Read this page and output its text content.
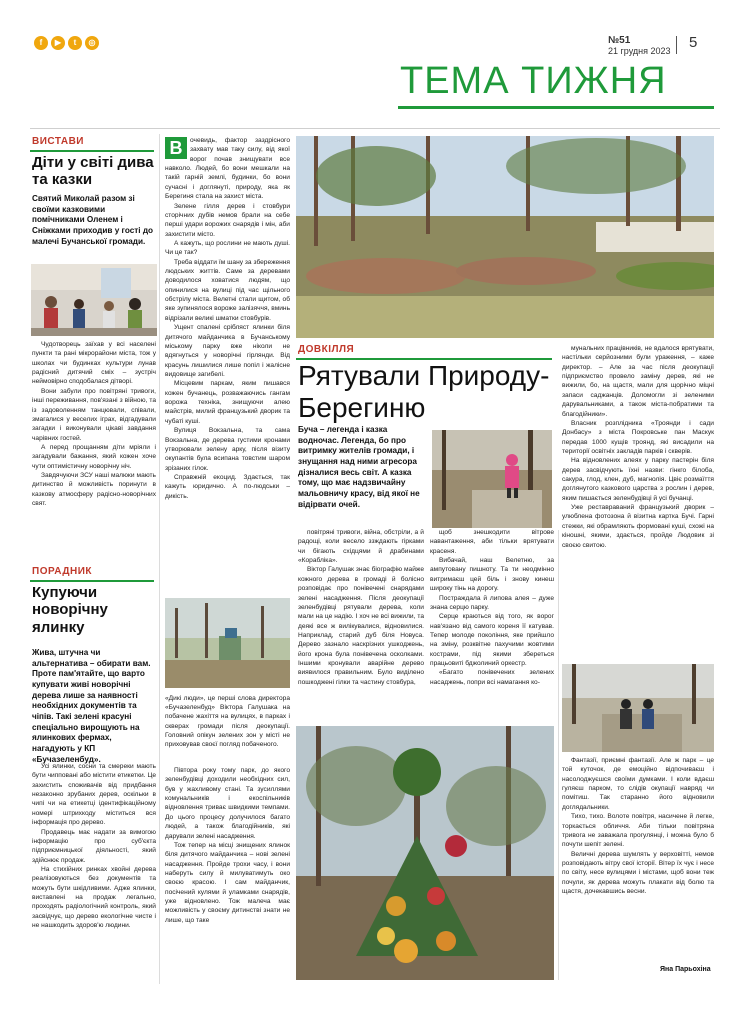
f	▶	t	◎	№51
21 грудня 2023 5
ТЕМА ТИЖНЯ
ВИСТАВИ
Діти у світі дива та казки
Святий Миколай разом зі своїми казковими помічниками Оленем і Сніжками приходив у гості до малечі Бучанської громади.

Чудотворець заїхав у всі населені пункти та рані мікрорайони міста, тож у школах чи будинках культури лунав радісний дитячий сміх – зустріч неймовірно сподобалася дітворі.

Вони забули про повітряні тривоги, інші переживання, пов'язані з війною, та із задоволенням танцювали, співали, змагалися у веселих іграх, відгадували загадки і виконували цікаві завдання чарівних гостей.

А перед прощанням діти мріяли і загадували бажання, який кожен хоче чути оптимістичну новорічну ніч.

Завдячуючи ЗСУ наші малюки мають дитинство й можливість поринути в казкову атмосферу радісно-новорічних свят.

ПОРАДНИК
Купуючи новорічну ялинку
Жива, штучна чи альтернатива – обирати вам. Проте пам'ятайте, що варто купувати живі новорічні дерева лише за наявності необхідних документів та чіпів. Такі зелені красуні спеціально вирощують на ялинкових фермах, нагадують у КП «Бучазеленбуд».

Усі ялинки, сосни та смереки мають бути чипповані або містити етикетки. Це захистить споживачів від придбання незаконно зрубаних дерев, оскільки в чипі чи на етикетці ідентифікаційному номері штрихкоду міститься вся інформація про дерево.

Продавець має надати за вимогою інформацію про суб'єкта підприємницької діяльності, який здійснює продаж.

На стихійних ринках хвойні дерева реалізовуються без документів та можуть бути шкідливими. Адже ялинки, виставлені на продаж легально, проходять радіологічний контроль, який засвідчує, що дерево екологічне чисте і не нашкодить здоров'ю людини.

В	очевидь, фактор заздрісного захвату мав таку силу, від якої ворог почав знищувати все навколо. Людей, бо вони мешкали на такій гарній землі, будинки, бо вони сучасні і доглянуті, природу, яка як Берегиня стала на захист міста.

Зелене гілля дерев і стовбури сторічних дубів немов брали на себе перші удари ворожих снарядів і мін, аби захистити місто.

А кажуть, що рослини не мають душі. Чи це так?

Треба віддати їм шану за збереження людських життів. Саме за деревами доводилося ховатися людям, що опинилися на вулиці під час щільного обстрілу міста. Велетні стали щитом, об яке зупинялося вороже залізяччя, вминь відрізали великі шматки стовбурів.

Ущент спалені срібляст ялинки біля дитячого майданчика в Бучанському міському парку вже ніколи не вдягнуться у новорічні гірлянди. Від красунь лишилися лише попіл і жалісне видовище загибелі.

Місцевим паркам, яким пишався кожен бучанець, розважаючись гангам ворожа техніка, знищуючи алею майстрів, милий французький дворик та чубаті куші.

Вулиця Вокзальна, та сама Вокзальна, де дерева густими кронами утворювали зелену арку, після візиту окупантів була всипана товстим шаром зрізаних гілок.

Справжній екоцид. Здається, так кажуть юридично. А по-людськи – дикість.

«Дикі люди», це перші слова директора «Бучазеленбуд» Віктора Галушака на побачене жахіття на вулицях, в парках і скверах громади після деокупації. Головний опікун зелених зон у місті не приховував своєї погляд побаченого.

Півтора року тому парк, до якого зеленбудівці доходили необхідних сил, був у жахливому стані. Та зусиллями комунальників і екоспільників відновлення триває швидкими темпами. До цього процесу долучилося багато людей, а також благодійників, які дарували зелені насадження.

Тож тепер на місці знищених ялинок біля дитячого майданчика – нові зелені насадження. Пройде трохи часу, і вони наберуть силу й милуватимуть око своєю красою. І сам майданчик, посічений кулями й уламками снарядів, уже відновлено. Тож малеча має можливість у своєму дитинстві знати не лише, що таке

ДОВКІЛЛЯ
Рятували Природу-Берегиню
Буча – легенда і казка водночас. Легенда, бо про витримку жителів громади, і знущання над ними агресора дізналися весь світ. А казка тому, що має надзвичайну мальовничу красу, від якої не відірвати очей.

повітряні тривоги, війна, обстріли, а й радощі, коли весело ззждають гірками чи бігають східцями й драбинами «Корабліка».

Віктор Галушак знає біографію майже кожного дерева в громаді й болісно розповідає про понівечені снарядами зелені насадження. Після деокупації зеленбудівці рятували дерева, коли мали на це надію. І хоч не всі вижили, та деякі все ж вилікувалися, відновилися. Наприклад, старий дуб біля Новуса. Дерево зазнало наскрізних ушкоджень, його крона була понівечена осколками. Іншими кронували аварійне дерево виявилося правильним. Було виділено пошкоджені гілки та частину стовбура,

щоб знешкодити вітрове навантаження, аби тільки врятувати красеня.

Вибачай, наш Велетню, за ампутовану пишноту. Та ти неодмінно витримаєш цей біль і знову кинеш широку тінь на дорогу.

Постраждала й липова алея – дуже знана серцю парку.

Серце краються від того, як ворог нав'язано від самого кореня її катував. Тепер молоде покоління, яке прийшло на зміну, розквітне пахучими жовтими кострами, під якими збереться працьовиті бджолиний оркестр.

«Багато понівечених зелених насаджень, попри всі намагання ко-

мунальних працівників, не вдалося врятувати, настільки серйозними були ураження, – каже директор. – Але за час після деокупації підприємство провело заміну дерев, які не вижили, бо, на щастя, мали для щорічно міцні запаси саджанців. Доломогли зі зеленими дарувальниками, а також міста-побратими та благодійники».

Власник розплідника «Троянди і сади Донбасу» з міста Покровське пан Маскук передав 1000 кущів троянд, які висадили на території освітніх закладів парків і скверів.

На відновлених алеях у парку пастерін біля дерев засвідчують їхні назви: гінкго білоба, сакура, глод, клен, дуб, магнолія. Цвіє розмаїття доглянутого казкового царства з рослин і дерев, яким пишається зеленбудівці й усі бучанці.

Уже реставраваний французький дворик – улюблена фотозона й візитна картка Бучі. Гарні стежки, які обрамляють формовані куші, схожі на кіношні, якими, здається, пройде Людовик зі своєю свитою.

Фантазії, приємні фантазії. Але ж парк – це той куточок, де емоційно відпочиваєш і насолоджуєшся своїми думками. І коли вдаєш гуляєш парком, то слідів окупації навряд чи помітиш. Так старанно його відновили доглядальники.

Тихо, тихо. Волоте повітря, насичене й легке, торкається обличчя. Аби тільки повітряна тривога не заважала прогулянці, і можна було б почути шепіт зелені.

Величні дерева шумлять у верховітті, немов розповідають вітру свої історії. Вітер їх чує і несе по світу, несе вулицями і містами, щоб вони теж почули, як дерева можуть плакати від болю та щастя, дочекавшись весни.

Яна Парьохіна
